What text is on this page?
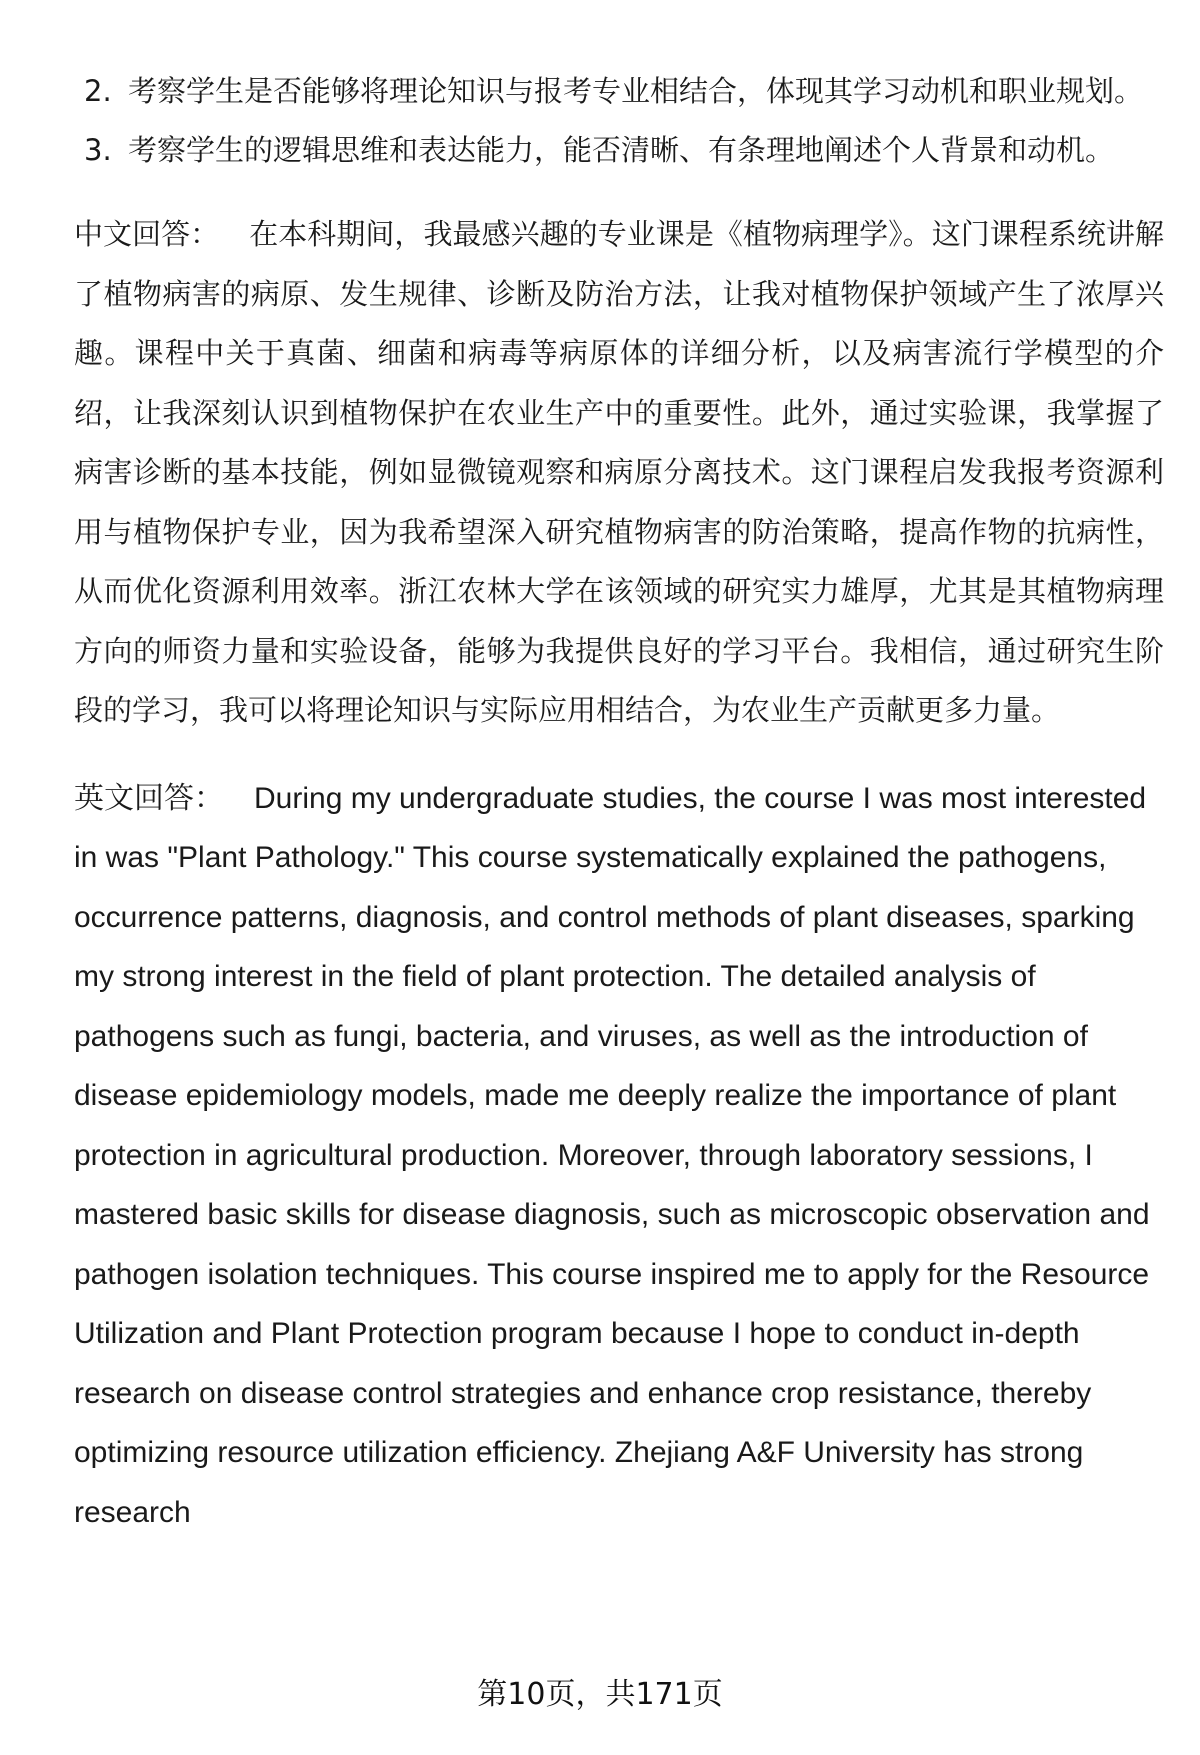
2. 考察学生是否能够将理论知识与报考专业相结合，体现其学习动机和职业规划。
3. 考察学生的逻辑思维和表达能力，能否清晰、有条理地阐述个人背景和动机。

中文回答： 在本科期间，我最感兴趣的专业课是《植物病理学》。这门课程系统讲解了植物病害的病原、发生规律、诊断及防治方法，让我对植物保护领域产生了浓厚兴趣。课程中关于真菌、细菌和病毒等病原体的详细分析，以及病害流行学模型的介绍，让我深刻认识到植物保护在农业生产中的重要性。此外，通过实验课，我掌握了病害诊断的基本技能，例如显微镜观察和病原分离技术。这门课程启发我报考资源利用与植物保护专业，因为我希望深入研究植物病害的防治策略，提高作物的抗病性，从而优化资源利用效率。浙江农林大学在该领域的研究实力雄厚，尤其是其植物病理方向的师资力量和实验设备，能够为我提供良好的学习平台。我相信，通过研究生阶段的学习，我可以将理论知识与实际应用相结合，为农业生产贡献更多力量。

英文回答： During my undergraduate studies, the course I was most interested in was "Plant Pathology." This course systematically explained the pathogens, occurrence patterns, diagnosis, and control methods of plant diseases, sparking my strong interest in the field of plant protection. The detailed analysis of pathogens such as fungi, bacteria, and viruses, as well as the introduction of disease epidemiology models, made me deeply realize the importance of plant protection in agricultural production. Moreover, through laboratory sessions, I mastered basic skills for disease diagnosis, such as microscopic observation and pathogen isolation techniques. This course inspired me to apply for the Resource Utilization and Plant Protection program because I hope to conduct in-depth research on disease control strategies and enhance crop resistance, thereby optimizing resource utilization efficiency. Zhejiang A&F University has strong research

第10页，共171页
